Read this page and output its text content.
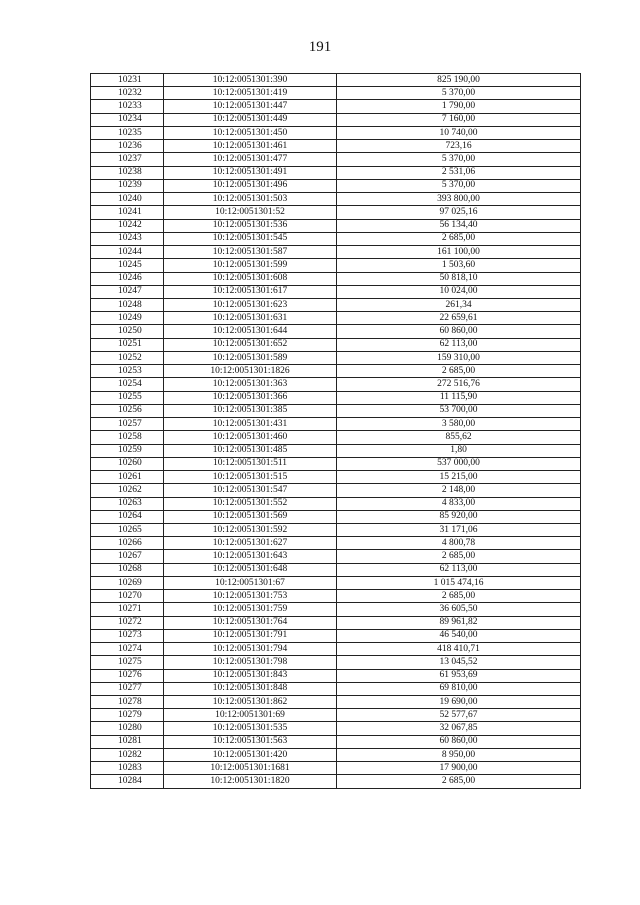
191
10231	10:12:0051301:390	825 190,00
10232	10:12:0051301:419	5 370,00
10233	10:12:0051301:447	1 790,00
10234	10:12:0051301:449	7 160,00
10235	10:12:0051301:450	10 740,00
10236	10:12:0051301:461	723,16
10237	10:12:0051301:477	5 370,00
10238	10:12:0051301:491	2 531,06
10239	10:12:0051301:496	5 370,00
10240	10:12:0051301:503	393 800,00
10241	10:12:0051301:52	97 025,16
10242	10:12:0051301:536	56 134,40
10243	10:12:0051301:545	2 685,00
10244	10:12:0051301:587	161 100,00
10245	10:12:0051301:599	1 503,60
10246	10:12:0051301:608	50 818,10
10247	10:12:0051301:617	10 024,00
10248	10:12:0051301:623	261,34
10249	10:12:0051301:631	22 659,61
10250	10:12:0051301:644	60 860,00
10251	10:12:0051301:652	62 113,00
10252	10:12:0051301:589	159 310,00
10253	10:12:0051301:1826	2 685,00
10254	10:12:0051301:363	272 516,76
10255	10:12:0051301:366	11 115,90
10256	10:12:0051301:385	53 700,00
10257	10:12:0051301:431	3 580,00
10258	10:12:0051301:460	855,62
10259	10:12:0051301:485	1,80
10260	10:12:0051301:511	537 000,00
10261	10:12:0051301:515	15 215,00
10262	10:12:0051301:547	2 148,00
10263	10:12:0051301:552	4 833,00
10264	10:12:0051301:569	85 920,00
10265	10:12:0051301:592	31 171,06
10266	10:12:0051301:627	4 800,78
10267	10:12:0051301:643	2 685,00
10268	10:12:0051301:648	62 113,00
10269	10:12:0051301:67	1 015 474,16
10270	10:12:0051301:753	2 685,00
10271	10:12:0051301:759	36 605,50
10272	10:12:0051301:764	89 961,82
10273	10:12:0051301:791	46 540,00
10274	10:12:0051301:794	418 410,71
10275	10:12:0051301:798	13 045,52
10276	10:12:0051301:843	61 953,69
10277	10:12:0051301:848	69 810,00
10278	10:12:0051301:862	19 690,00
10279	10:12:0051301:69	52 577,67
10280	10:12:0051301:535	32 067,85
10281	10:12:0051301:563	60 860,00
10282	10:12:0051301:420	8 950,00
10283	10:12:0051301:1681	17 900,00
10284	10:12:0051301:1820	2 685,00
